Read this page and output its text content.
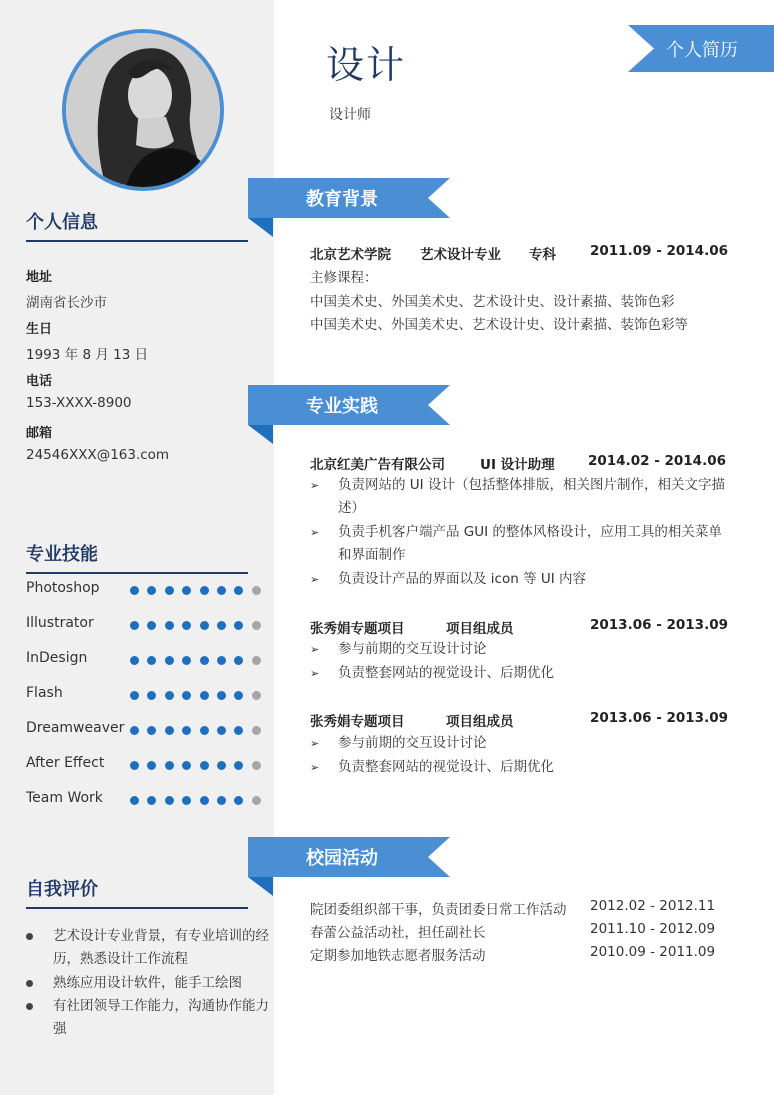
个人信息
地址
湖南省长沙市
生日
1993 年 8 月 13 日
电话
153-XXXX-8900
邮箱
24546XXX@163.com
专业技能
Photoshop
Illustrator
InDesign
Flash
Dreamweaver
After Effect
Team Work
自我评价
艺术设计专业背景，有专业培训的经历，熟悉设计工作流程
熟练应用设计软件，能手工绘图
有社团领导工作能力，沟通协作能力强
设计
设计师
个人简历
教育背景
专业实践
校园活动
北京艺术学院 艺术设计专业 专科	2011.09 - 2014.06
主修课程：
中国美术史、外国美术史、艺术设计史、设计素描、装饰色彩
中国美术史、外国美术史、艺术设计史、设计素描、装饰色彩等
北京红美广告有限公司	UI 设计助理 2014.02 - 2014.06
➢ 负责网站的 UI 设计（包括整体排版，相关图片制作，相关文字描述）
➢ 负责手机客户端产品 GUI 的整体风格设计，应用工具的相关菜单和界面制作
➢ 负责设计产品的界面以及 icon 等 UI 内容
张秀娟专题项目	项目组成员	2013.06 - 2013.09
➢ 参与前期的交互设计讨论
➢ 负责整套网站的视觉设计、后期优化
张秀娟专题项目	项目组成员	2013.06 - 2013.09
➢ 参与前期的交互设计讨论
➢ 负责整套网站的视觉设计、后期优化
院团委组织部干事，负责团委日常工作活动 2012.02 - 2012.11
春蕾公益活动社，担任副社长	2011.10 - 2012.09
定期参加地铁志愿者服务活动	2010.09 - 2011.09
